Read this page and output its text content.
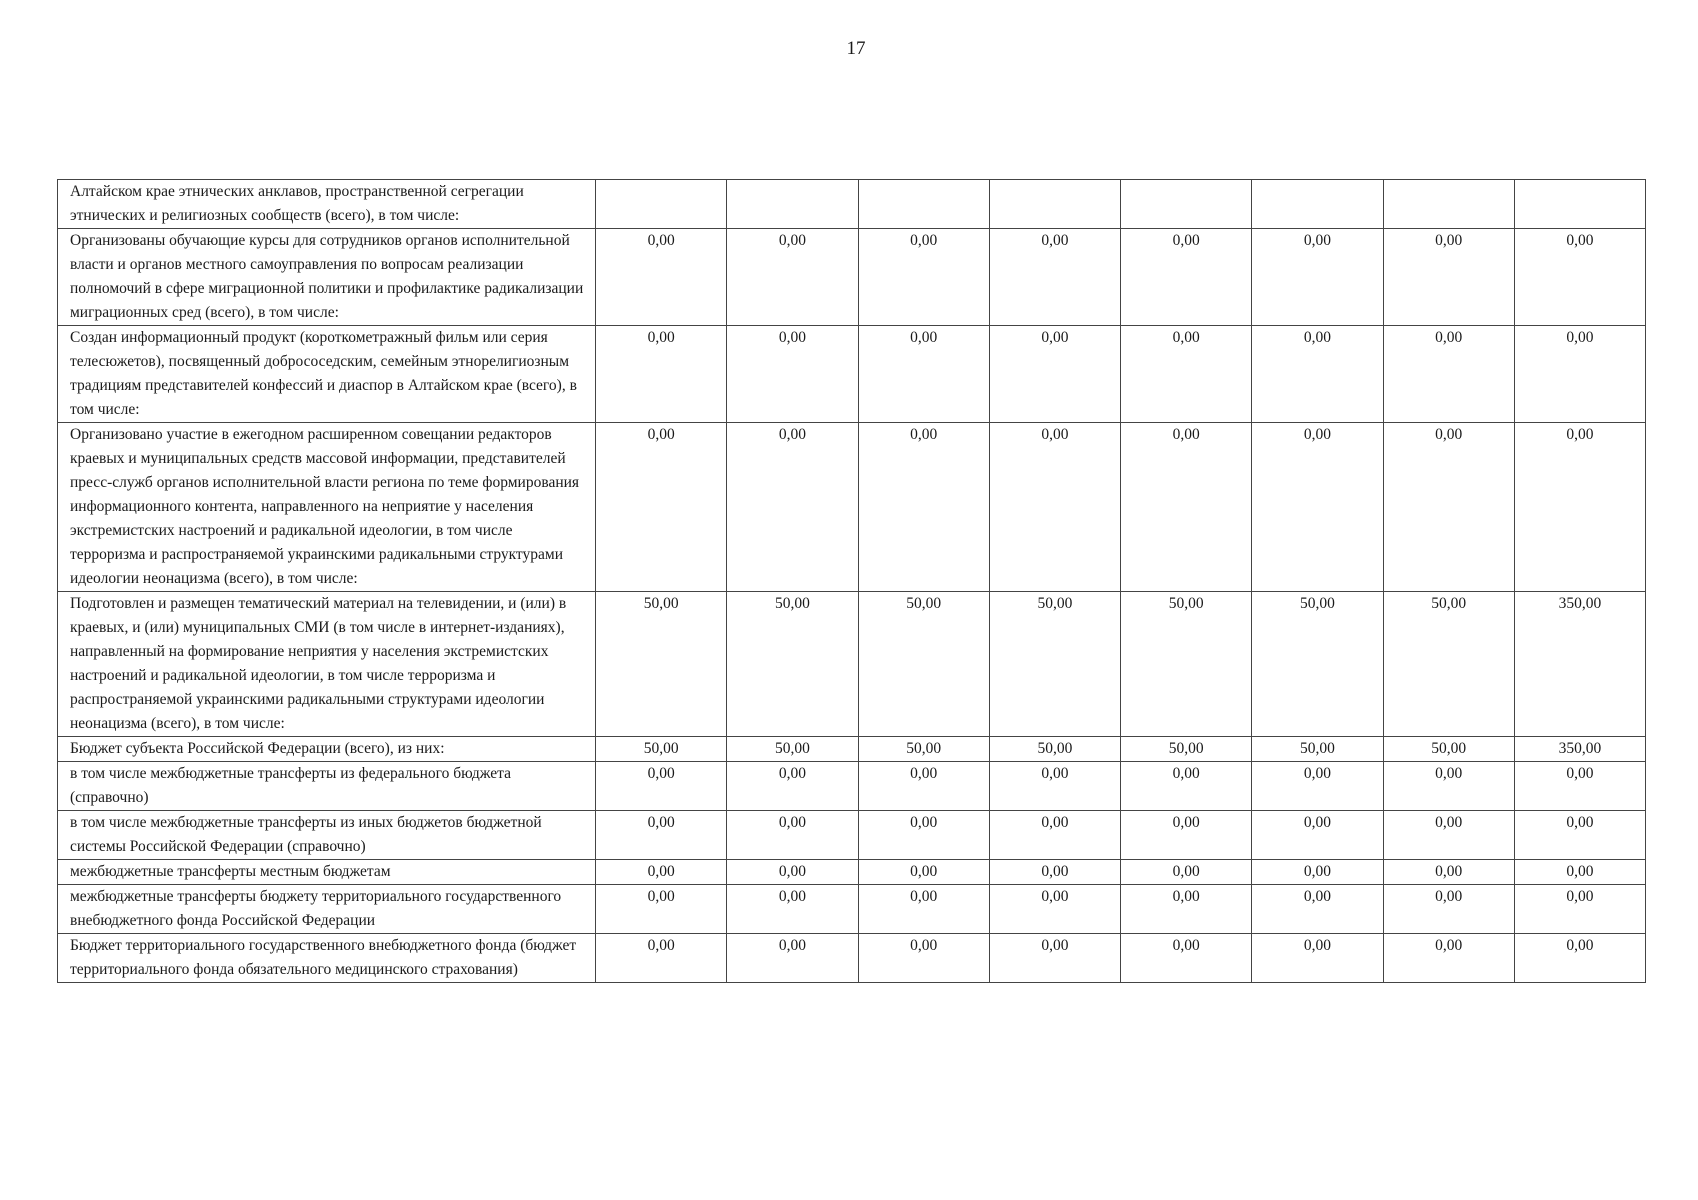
17
Алтайском крае этнических анклавов, пространственной сегрегации этнических и религиозных сообществ (всего), в том числе:								
Организованы обучающие курсы для сотрудников органов исполнительной власти и органов местного самоуправления по вопросам реализации полномочий в сфере миграционной политики и профилактике радикализации миграционных сред (всего), в том числе:	0,00	0,00	0,00	0,00	0,00	0,00	0,00	0,00
Создан информационный продукт (короткометражный фильм или серия телесюжетов), посвященный добрососедским, семейным этнорелигиозным традициям представителей конфессий и диаспор в Алтайском крае (всего), в том числе:	0,00	0,00	0,00	0,00	0,00	0,00	0,00	0,00
Организовано участие в ежегодном расширенном совещании редакторов краевых и муниципальных средств массовой информации, представителей пресс-служб органов исполнительной власти региона по теме формирования информационного контента, направленного на неприятие у населения экстремистских настроений и радикальной идеологии, в том числе терроризма и распространяемой украинскими радикальными структурами идеологии неонацизма (всего), в том числе:	0,00	0,00	0,00	0,00	0,00	0,00	0,00	0,00
Подготовлен и размещен тематический материал на телевидении, и (или) в краевых, и (или) муниципальных СМИ (в том числе в интернет-изданиях), направленный на формирование неприятия у населения экстремистских настроений и радикальной идеологии, в том числе терроризма и распространяемой украинскими радикальными структурами идеологии неонацизма (всего), в том числе:	50,00	50,00	50,00	50,00	50,00	50,00	50,00	350,00
Бюджет субъекта Российской Федерации (всего), из них:	50,00	50,00	50,00	50,00	50,00	50,00	50,00	350,00
в том числе межбюджетные трансферты из федерального бюджета (справочно)	0,00	0,00	0,00	0,00	0,00	0,00	0,00	0,00
в том числе межбюджетные трансферты из иных бюджетов бюджетной системы Российской Федерации (справочно)	0,00	0,00	0,00	0,00	0,00	0,00	0,00	0,00
межбюджетные трансферты местным бюджетам	0,00	0,00	0,00	0,00	0,00	0,00	0,00	0,00
межбюджетные трансферты бюджету территориального государственного внебюджетного фонда Российской Федерации	0,00	0,00	0,00	0,00	0,00	0,00	0,00	0,00
Бюджет территориального государственного внебюджетного фонда (бюджет территориального фонда обязательного медицинского страхования)	0,00	0,00	0,00	0,00	0,00	0,00	0,00	0,00
